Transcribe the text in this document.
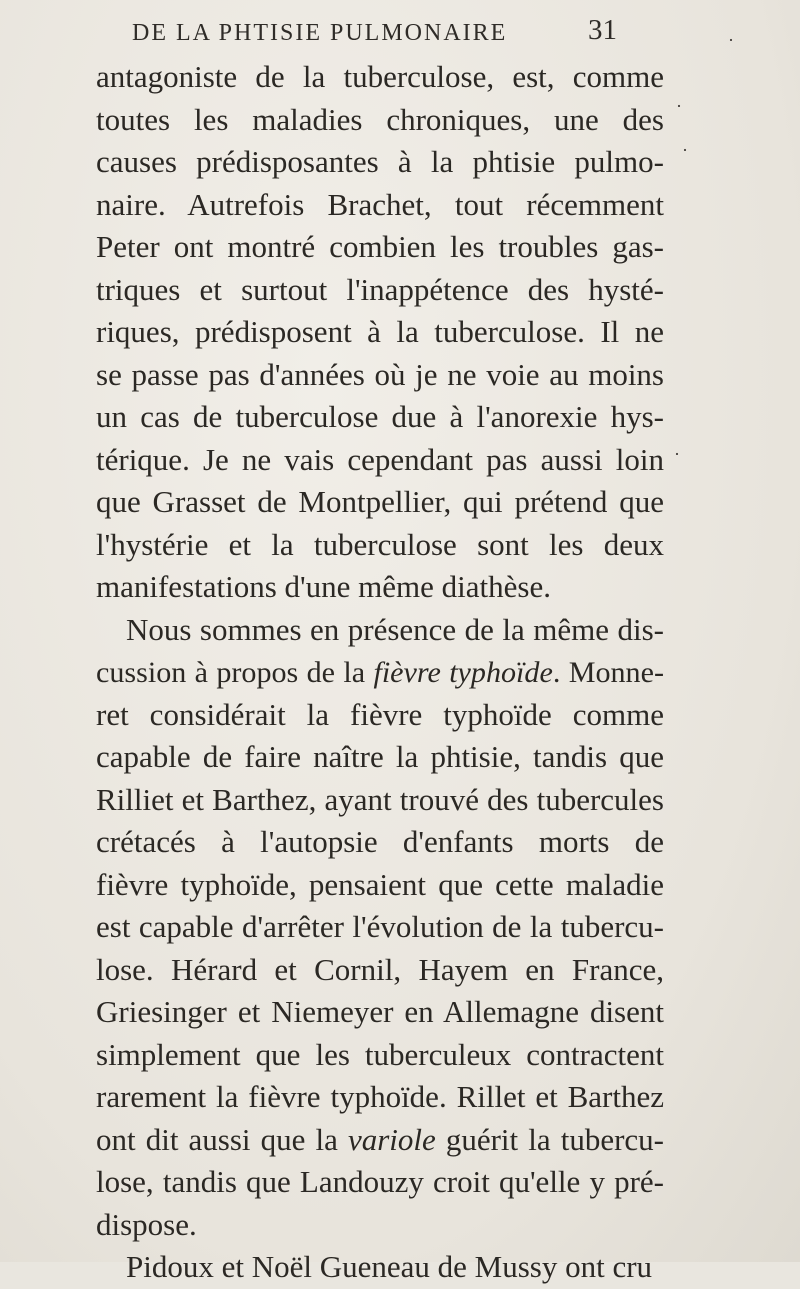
DE LA PHTISIE PULMONAIRE	31
antagoniste de la tuberculose, est, comme
toutes les maladies chroniques, une des
causes prédisposantes à la phtisie pulmo-
naire. Autrefois Brachet, tout récemment
Peter ont montré combien les troubles gas-
triques et surtout l'inappétence des hysté-
riques, prédisposent à la tuberculose. Il ne
se passe pas d'années où je ne voie au moins
un cas de tuberculose due à l'anorexie hys-
térique. Je ne vais cependant pas aussi loin
que Grasset de Montpellier, qui prétend que
l'hystérie et la tuberculose sont les deux
manifestations d'une même diathèse.
Nous sommes en présence de la même dis-
cussion à propos de la fièvre typhoïde. Monne-
ret considérait la fièvre typhoïde comme
capable de faire naître la phtisie, tandis que
Rilliet et Barthez, ayant trouvé des tubercules
crétacés à l'autopsie d'enfants morts de
fièvre typhoïde, pensaient que cette maladie
est capable d'arrêter l'évolution de la tubercu-
lose. Hérard et Cornil, Hayem en France,
Griesinger et Niemeyer en Allemagne disent
simplement que les tuberculeux contractent
rarement la fièvre typhoïde. Rillet et Barthez
ont dit aussi que la variole guérit la tubercu-
lose, tandis que Landouzy croit qu'elle y pré-
dispose.
Pidoux et Noël Gueneau de Mussy ont cru
·
·
·
·
